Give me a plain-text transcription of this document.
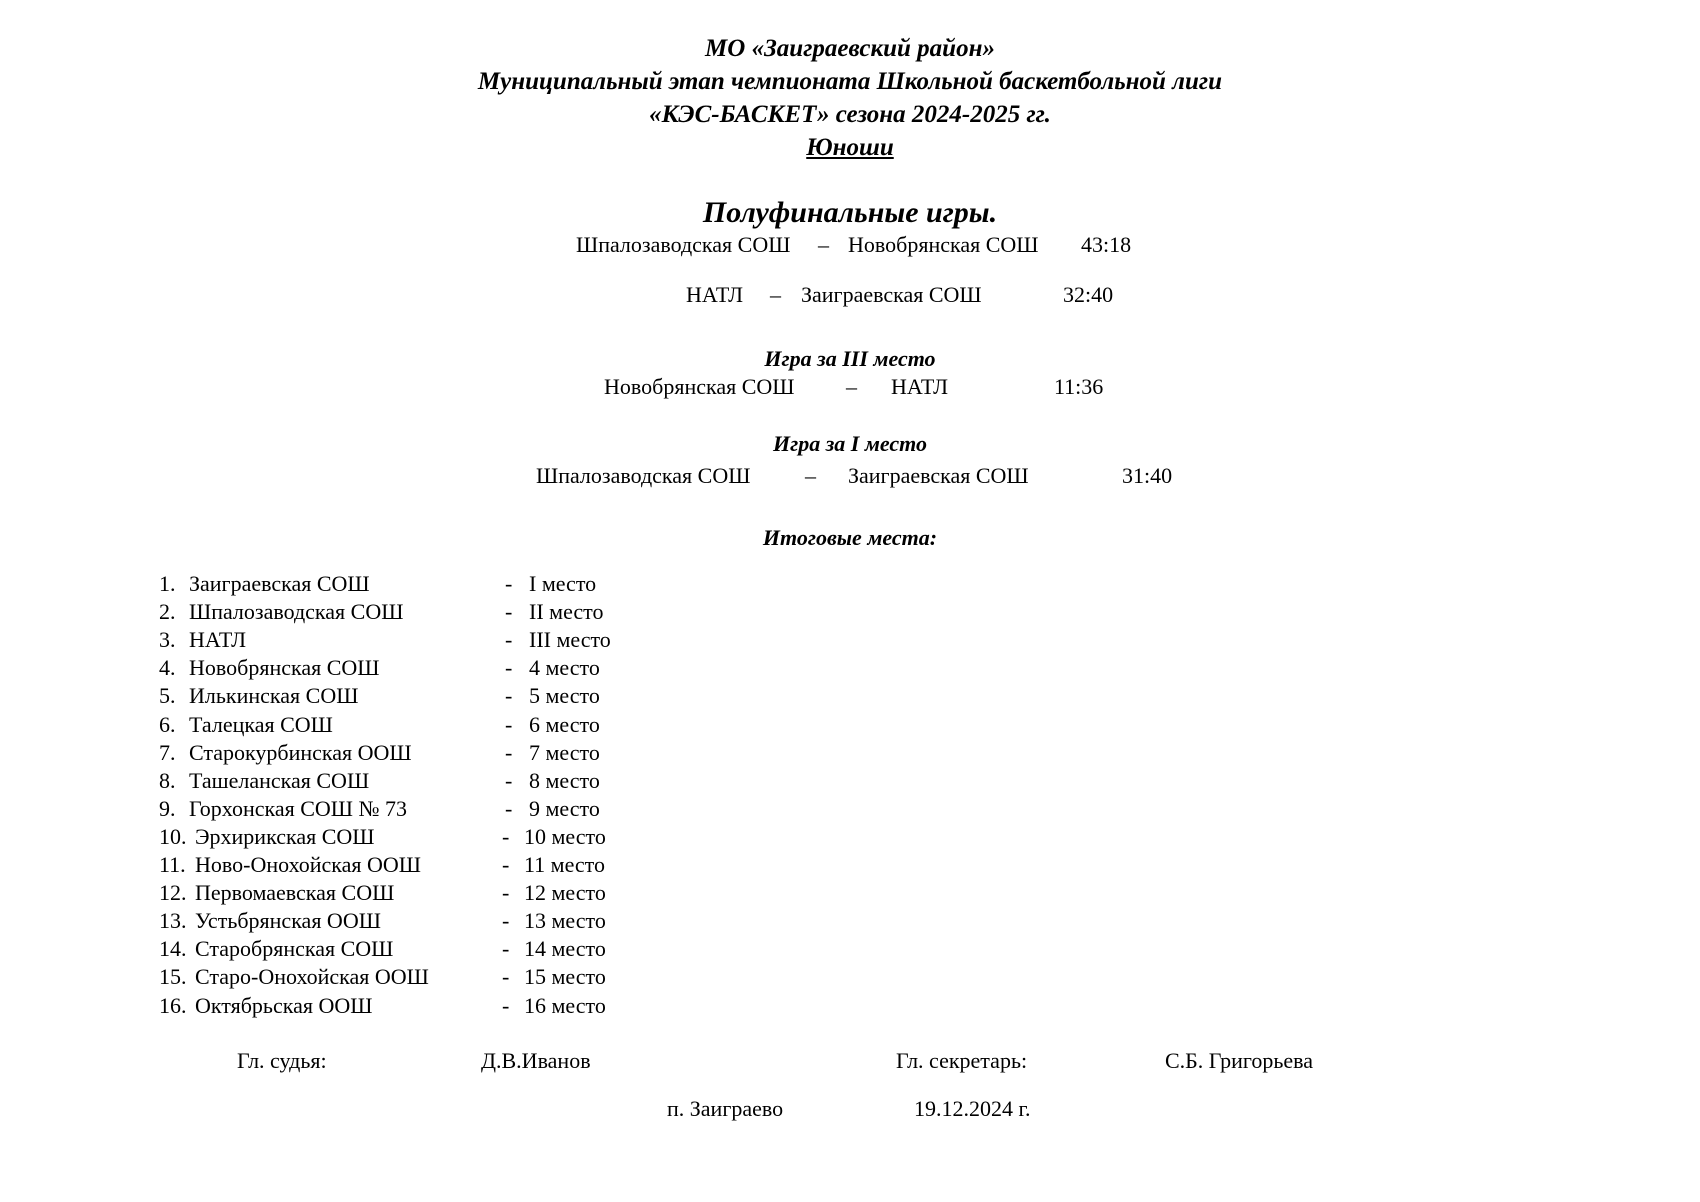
МО «Заиграевский район»
Муниципальный этап чемпионата Школьной баскетбольной лиги
«КЭС-БАСКЕТ» сезона 2024-2025 гг.
Юноши
Полуфинальные игры.
Шпалозаводская СОШ – Новобрянская СОШ 43:18
НАТЛ – Заиграевская СОШ	32:40
Игра за III место
Новобрянская СОШ – НАТЛ	11:36
Игра за I место
Шпалозаводская СОШ – Заиграевская СОШ	31:40
Итоговые места:
1. Заиграевская СОШ	- I место
2. Шпалозаводская СОШ	- II место
3. НАТЛ	- III место
4. Новобрянская СОШ	- 4 место
5. Илькинская СОШ	- 5 место
6. Талецкая СОШ	- 6 место
7. Старокурбинская ООШ	- 7 место
8. Ташеланская СОШ	- 8 место
9. Горхонская СОШ № 73	- 9 место
10. Эрхирикская СОШ	- 10 место
11. Ново-Онохойская ООШ	- 11 место
12. Первомаевская СОШ	- 12 место
13. Устьбрянская ООШ	- 13 место
14. Старобрянская СОШ	- 14 место
15. Старо-Онохойская ООШ	- 15 место
16. Октябрьская ООШ	- 16 место
Гл. судья:	Д.В.Иванов	Гл. секретарь:	С.Б. Григорьева
п. Заиграево	19.12.2024 г.
